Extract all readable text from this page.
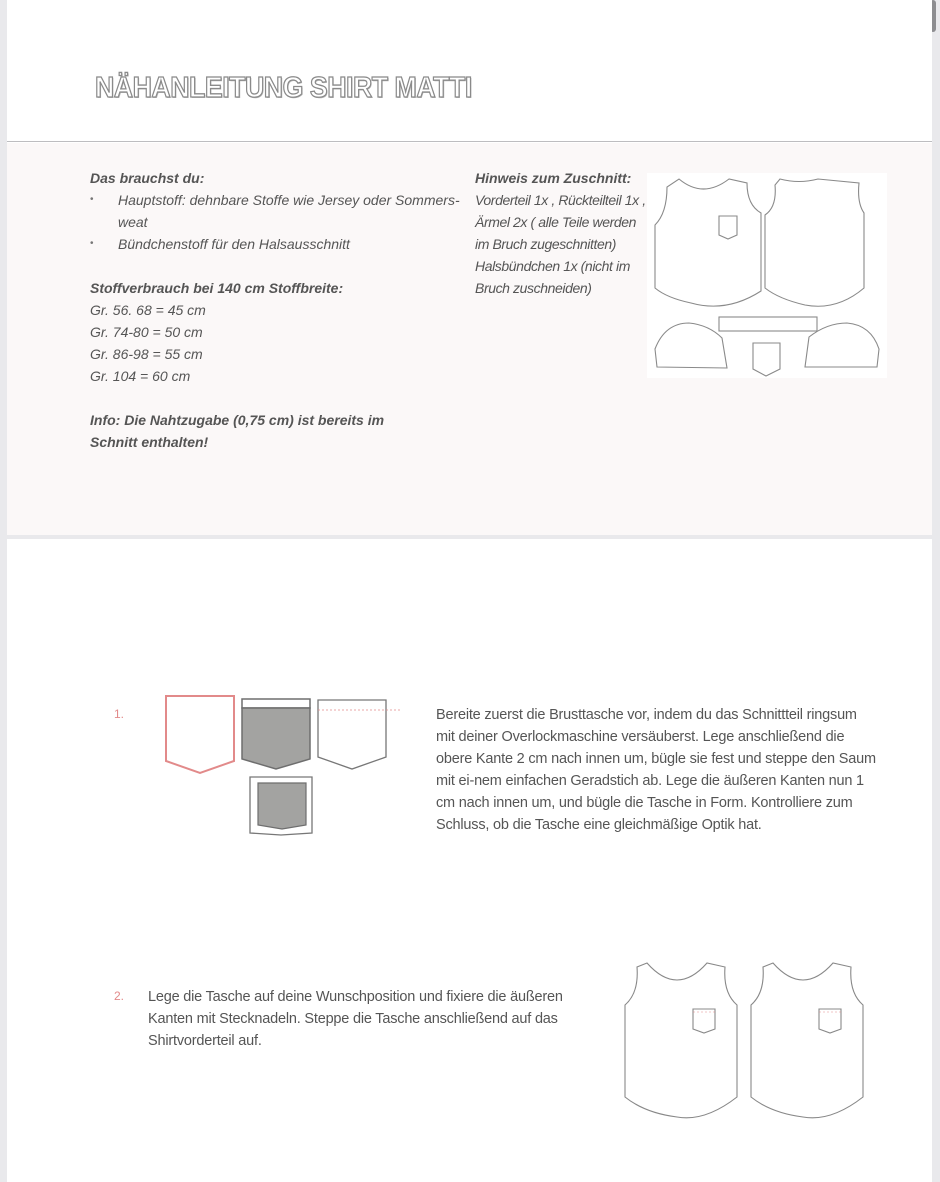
NÄHANLEITUNG SHIRT MATTI
Das brauchst du:
• Hauptstoff: dehnbare Stoffe wie Jersey oder Sommers-weat
• Bündchenstoff für den Halsausschnitt
Stoffverbrauch bei 140 cm Stoffbreite:
Gr. 56. 68 = 45 cm
Gr. 74-80 = 50 cm
Gr. 86-98 = 55 cm
Gr. 104 = 60 cm
Info: Die Nahtzugabe (0,75 cm) ist bereits im Schnitt enthalten!
Hinweis zum Zuschnitt:
Vorderteil 1x , Rückteilteil 1x , Ärmel 2x ( alle Teile werden im Bruch zugeschnitten) Halsbündchen 1x (nicht im Bruch zuschneiden)
1.	Bereite zuerst die Brusttasche vor, indem du das Schnittteil ringsum mit deiner Overlockmaschine versäuberst. Lege anschließend die obere Kante 2 cm nach innen um, bügle sie fest und steppe den Saum mit ei-nem einfachen Geradstich ab. Lege die äußeren Kanten nun 1 cm nach innen um, und bügle die Tasche in Form. Kontrolliere zum Schluss, ob die Tasche eine gleichmäßige Optik hat.
2. Lege die Tasche auf deine Wunschposition und fixiere die äußeren Kanten mit Stecknadeln. Steppe die Tasche anschließend auf das Shirtvorderteil auf.
